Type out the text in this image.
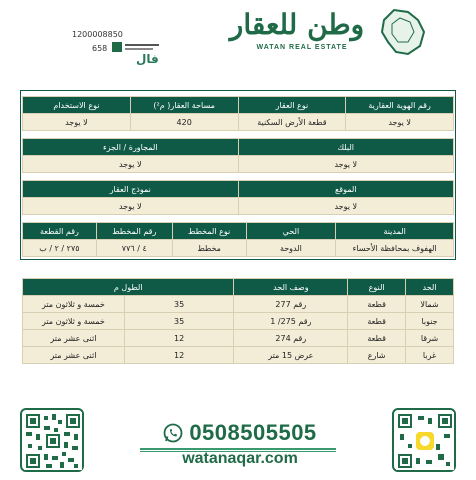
1200008850
658
فال
وطن للعقار
WATAN REAL ESTATE
رقم الهوية العقارية	نوع العقار	مساحة العقار( م²)	نوع الاستخدام
لا يوجد	قطعة الأرض السكنية	420	لا يوجد
البلك	المجاورة / الجزء
لا يوجد	لا يوجد
الموقع	نموذج العقار
لا يوجد	لا يوجد
المدينة	الحي	نوع المخطط	رقم المخطط	رقم القطعة
الهفوف بمحافظة الأحساء	الدوحة	مخطط	٤ / ٧٧٦	٢٧٥ / ٢ / ب
الحد	النوع	وصف الحد	الطول م	
شمالا	قطعة	رقم 277	35	خمسة و ثلاثون متر
جنوبا	قطعة	رقم 275/ 1	35	خمسة و ثلاثون متر
شرقا	قطعة	رقم 274	12	اثنى عشر متر
غربا	شارع	عرض 15 متر	12	اثنى عشر متر
0508505505
watanaqar.com
